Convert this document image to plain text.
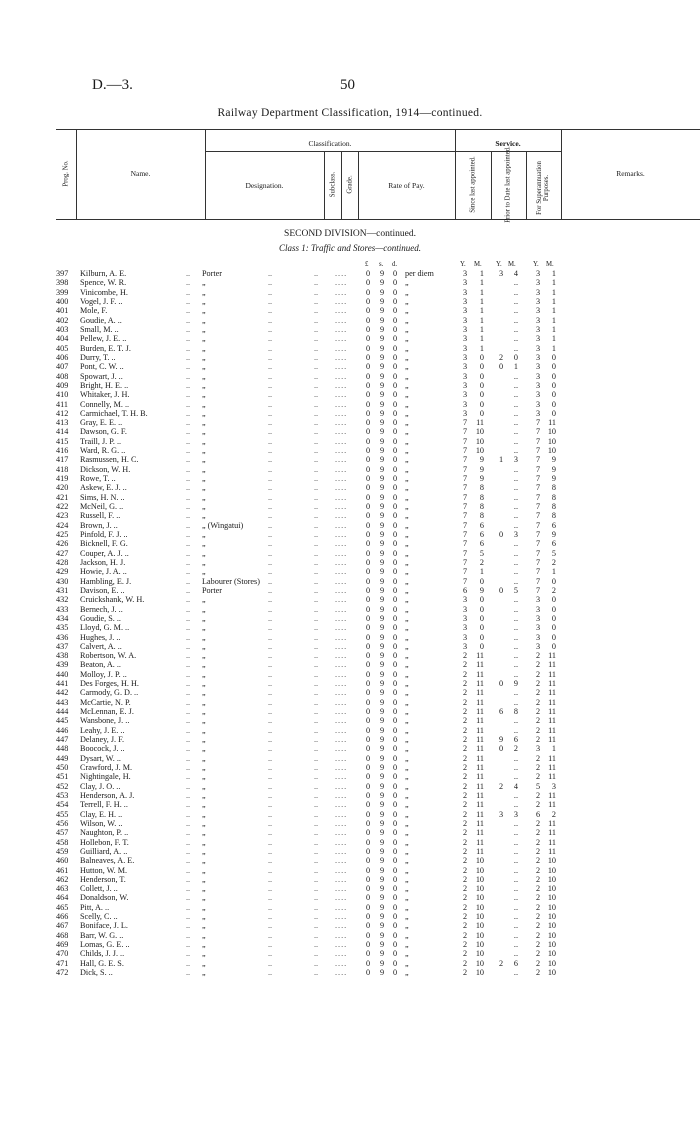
D.—3.	50
Railway Department Classification, 1914—continued.
Prog. No.	Name.
Classification.
Designation.	Subclass. Grade.	Rate of Pay.
Service.
Since last appointed.	Prior to Date last appointed.	For Superannuation Purposes.
Remarks.
SECOND DIVISION—continued.
Class 1: Traffic and Stores—continued.
£ s. d.	Y. M. Y. M.	Y. M.
..	..	.. ....
397 Kilburn, A. E.	Porter	0 9 0 per diem	3	1	3	4	3	1
..	..	.. ....
398 Spence, W. R.	„	0 9 0 „	3	1	..	3	1
..	..	.. ....
399 Vinicombe, H.	„	0 9 0 „	3	1	..	3	1
..	..	.. ....
400 Vogel, J. F. ..	„	0 9 0 „	3	1	..	3	1
..	..	.. ....
401 Mole, F.	„	0 9 0 „	3	1	..	3	1
..	..	.. ....
402 Goudie, A. ..	„	0 9 0 „	3	1	..	3	1
..	..	.. ....
403 Small, M. ..	„	0 9 0 „	3	1	..	3	1
..	..	.. ....
404 Pellew, J. E. ..	„	0 9 0 „	3	1	..	3	1
..	..	.. ....
405 Burden, E. T. J.	„	0 9 0 „	3	1	..	3	1
..	..	.. ....
406 Durry, T. ..	„	0 9 0 „	3	0	2	0	3	0
..	..	.. ....
407 Pont, C. W. ..	„	0 9 0 „	3	0	0	1	3	0
..	..	.. ....
408 Spowart, J. ..	„	0 9 0 „	3	0	..	3	0
..	..	.. ....
409 Bright, H. E. ..	„	0 9 0 „	3	0	..	3	0
..	..	.. ....
410 Whitaker, J. H.	„	0 9 0 „	3	0	..	3	0
..	..	.. ....
411 Connelly, M. ..	„	0 9 0 „	3	0	..	3	0
..	..	.. ....
412 Carmichael, T. H. B.	„	0 9 0 „	3	0	..	3	0
..	..	.. ....
413 Gray, E. E. ..	„	0 9 0 „	7	11	..	7 11
..	..	.. ....
414 Dawson, G. F.	„	0 9 0 „	7	10	..	7 10
..	..	.. ....
415 Traill, J. P. ..	„	0 9 0 „	7	10	..	7 10
..	..	.. ....
416 Ward, R. G. ..	„	0 9 0 „	7	10	..	7 10
..	..	.. ....
417 Rasmussen, H. C.	„	0 9 0 „	7	9	1	3	7	9
..	..	.. ....
418 Dickson, W. H.	„	0 9 0 „	7	9	..	7	9
..	..	.. ....
419 Rowe, T. ..	„	0 9 0 „	7	9	..	7	9
..	..	.. ....
420 Askew, E. J. ..	„	0 9 0 „	7	8	..	7	8
..	..	.. ....
421 Sims, H. N. ..	„	0 9 0 „	7	8	..	7	8
..	..	.. ....
422 McNeil, G. ..	„	0 9 0 „	7	8	..	7	8
..	..	.. ....
423 Russell, F. ..	„	0 9 0 „	7	8	..	7	8
..	..	.. ....
424 Brown, J. ..	„ (Wingatui)	0 9 0 „	7	6	..	7	6
..	..	.. ....
425 Pinfold, F. J. ..	„	0 9 0 „	7	6	0	3	7	9
..	..	.. ....
426 Bicknell, F. G.	„	0 9 0 „	7	6	..	7	6
..	..	.. ....
427 Couper, A. J. ..	„	0 9 0 „	7	5	..	7	5
..	..	.. ....
428 Jackson, H. J.	„	0 9 0 „	7	2	..	7	2
..	..	.. ....
429 Howie, J. A. ..	„	0 9 0 „	7	1	..	7	1
..	..	.. ....
430 Hambling, E. J.	Labourer (Stores)	0 9 0 „	7	0	..	7	0
..	..	.. ....
431 Davison, E. ..	Porter	0 9 0 „	6	9	0	5	7	2
..	..	.. ....
432 Cruickshank, W. H.	„	0 9 0 „	3	0	..	3	0
..	..	.. ....
433 Bernech, J. ..	„	0 9 0 „	3	0	..	3	0
..	..	.. ....
434 Goudie, S. ..	„	0 9 0 „	3	0	..	3	0
..	..	.. ....
435 Lloyd, G. M. ..	„	0 9 0 „	3	0	..	3	0
..	..	.. ....
436 Hughes, J. ..	„	0 9 0 „	3	0	..	3	0
..	..	.. ....
437 Calvert, A. ..	„	0 9 0 „	3	0	..	3	0
..	..	.. ....
438 Robertson, W. A.	„	0 9 0 „	2	11	..	2 11
..	..	.. ....
439 Beaton, A. ..	„	0 9 0 „	2	11	..	2 11
..	..	.. ....
440 Molloy, J. P. ..	„	0 9 0 „	2	11	..	2 11
..	..	.. ....
441 Des Forges, H. H.	„	0 9 0 „	2	11	0	9	2 11
..	..	.. ....
442 Carmody, G. D. ..	„	0 9 0 „	2	11	..	2 11
..	..	.. ....
443 McCartie, N. P.	„	0 9 0 „	2	11	..	2 11
..	..	.. ....
444 McLennan, E. J.	„	0 9 0 „	2	11	6	8	2 11
..	..	.. ....
445 Wansbone, J. ..	„	0 9 0 „	2	11	..	2 11
..	..	.. ....
446 Leahy, J. E. ..	„	0 9 0 „	2	11	..	2 11
..	..	.. ....
447 Delaney, J. F.	„	0 9 0 „	2	11	9	6	2 11
..	..	.. ....
448 Boocock, J. ..	„	0 9 0 „	2	11	0	2	3	1
..	..	.. ....
449 Dysart, W. ..	„	0 9 0 „	2	11	..	2 11
..	..	.. ....
450 Crawford, J. M.	„	0 9 0 „	2	11	..	2 11
..	..	.. ....
451 Nightingale, H.	„	0 9 0 „	2	11	..	2 11
..	..	.. ....
452 Clay, J. O. ..	„	0 9 0 „	2	11	2	4	5	3
..	..	.. ....
453 Henderson, A. J.	„	0 9 0 „	2	11	..	2 11
..	..	.. ....
454 Terrell, F. H. ..	„	0 9 0 „	2	11	..	2 11
..	..	.. ....
455 Clay, E. H. ..	„	0 9 0 „	2	11	3	3	6	2
..	..	.. ....
456 Wilson, W. ..	„	0 9 0 „	2	11	..	2 11
..	..	.. ....
457 Naughton, P. ..	„	0 9 0 „	2	11	..	2 11
..	..	.. ....
458 Hollebon, F. T.	„	0 9 0 „	2	11	..	2 11
..	..	.. ....
459 Guilliard, A. ..	„	0 9 0 „	2	11	..	2 11
..	..	.. ....
460 Balneaves, A. E.	„	0 9 0 „	2	10	..	2 10
..	..	.. ....
461 Hutton, W. M.	„	0 9 0 „	2	10	..	2 10
..	..	.. ....
462 Henderson, T.	„	0 9 0 „	2	10	..	2 10
..	..	.. ....
463 Collett, J. ..	„	0 9 0 „	2	10	..	2 10
..	..	.. ....
464 Donaldson, W.	„	0 9 0 „	2	10	..	2 10
..	..	.. ....
465 Pitt, A. ..	„	0 9 0 „	2	10	..	2 10
..	..	.. ....
466 Scelly, C. ..	„	0 9 0 „	2	10	..	2 10
..	..	.. ....
467 Boniface, J. L.	„	0 9 0 „	2	10	..	2 10
..	..	.. ....
468 Barr, W. G. ..	„	0 9 0 „	2	10	..	2 10
..	..	.. ....
469 Lomas, G. E. ..	„	0 9 0 „	2	10	..	2 10
..	..	.. ....
470 Childs, J. J. ..	„	0 9 0 „	2	10	..	2 10
..	..	.. ....
471 Hall, G. E. S.	„	0 9 0 „	2	10	2	6	2 10
..	..	.. ....
472 Dick, S. ..	„	0 9 0 „	2	10	..	2 10
